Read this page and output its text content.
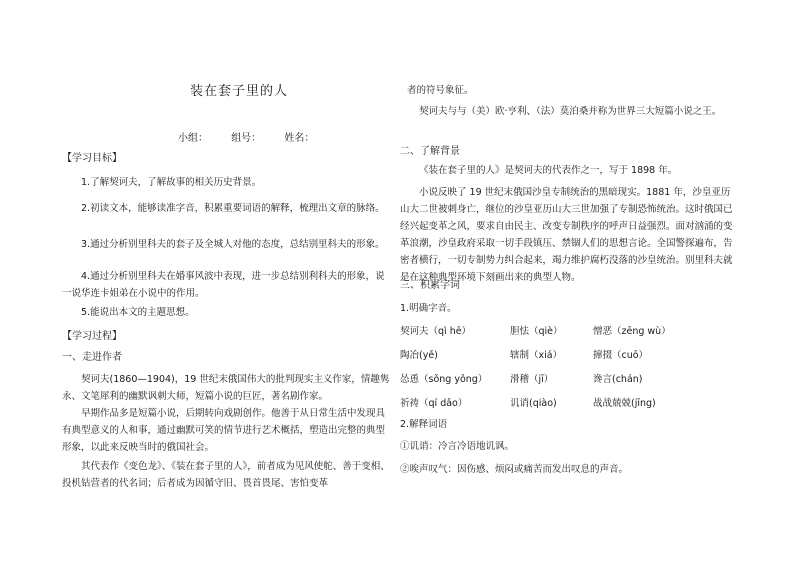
装在套子里的人
小组： 组号： 姓名：
【学习目标】
1.了解契诃夫，了解故事的相关历史背景。
2.初读文本，能够读准字音，积累重要词语的解释，梳理出文章的脉络。
3.通过分析别里科夫的套子及全城人对他的态度，总结别里科夫的形象。
4.通过分析别里科夫在婚事风波中表现，进一步总结别利科夫的形象，说一说华连卡姐弟在小说中的作用。
5.能说出本文的主题思想。
【学习过程】
一、走进作者
契诃夫(1860—1904)，19 世纪末俄国伟大的批判现实主义作家，情趣隽永、文笔犀利的幽默讽刺大师，短篇小说的巨匠，著名剧作家。
早期作品多是短篇小说，后期转向戏剧创作。他善于从日常生活中发现具有典型意义的人和事，通过幽默可笑的情节进行艺术概括，塑造出完整的典型形象，以此来反映当时的俄国社会。
其代表作《变色龙》、《装在套子里的人》，前者成为见风使舵、善于变相、投机钻营者的代名词；后者成为因循守旧、畏首畏尾、害怕变革
者的符号象征。
契诃夫与与（美）欧·亨利、（法）莫泊桑并称为世界三大短篇小说之王。
二、了解背景
《装在套子里的人》是契诃夫的代表作之一，写于 1898 年。
小说反映了 19 世纪末俄国沙皇专制统治的黑暗现实。1881 年，沙皇亚历山大二世被刺身亡，继位的沙皇亚历山大三世加强了专制恐怖统治。这时俄国已经兴起变革之风，要求自由民主、改变专制秩序的呼声日益强烈。面对汹涌的变革浪潮，沙皇政府采取一切手段镇压、禁锢人们的思想言论。全国警探遍布，告密者横行，一切专制势力纠合起来，竭力维护腐朽没落的沙皇统治。别里科夫就是在这种典型环境下刻画出来的典型人物。
三、积累字词
1.明确字音。
契诃夫（qì hē）	胆怯（qiè）	憎恶（zēng wù）
陶冶(yě)	辖制（xiá）	撺掇（cuō）
怂恿（sǒng yǒng） 滑稽（jī）	谗言(chán)
祈祷（qí dǎo）	讥诮(qiào)	战战兢兢(jīng)
2.解释词语
①讥诮：冷言冷语地讥讽。
②唉声叹气：因伤感、烦闷或痛苦而发出叹息的声音。
